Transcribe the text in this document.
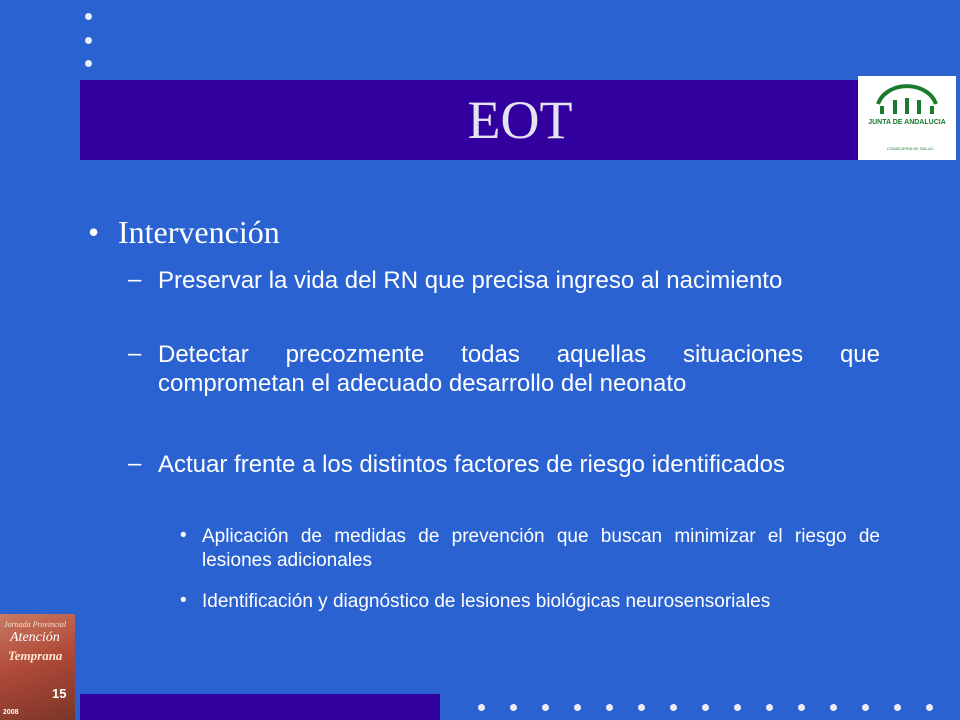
EOT	JUNTA DE ANDALUCIA
CONSEJERÍA DE SALUD
• Intervención
– Preservar la vida del RN que precisa ingreso al nacimiento
– Detectar precozmente todas aquellas situaciones que comprometan el adecuado desarrollo del neonato
– Actuar frente a los distintos factores de riesgo identificados
• Aplicación de medidas de prevención que buscan minimizar el riesgo de lesiones adicionales
• Identificación y diagnóstico de lesiones biológicas neurosensoriales
Jornada Provincial
Atención
Temprana
15
2008
